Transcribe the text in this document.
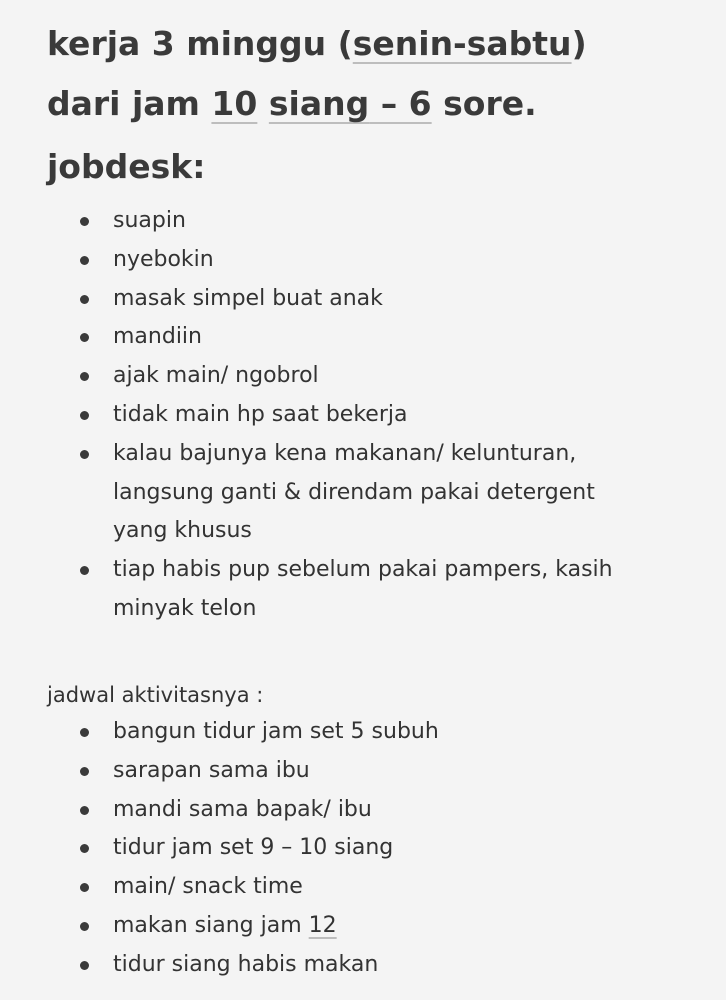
kerja 3 minggu (senin-sabtu)
dari jam 10 siang – 6 sore.
jobdesk:
suapin
nyebokin
masak simpel buat anak
mandiin
ajak main/ ngobrol
tidak main hp saat bekerja
kalau bajunya kena makanan/ kelunturan,
langsung ganti & direndam pakai detergent
yang khusus
tiap habis pup sebelum pakai pampers, kasih
minyak telon
jadwal aktivitasnya :
bangun tidur jam set 5 subuh
sarapan sama ibu
mandi sama bapak/ ibu
tidur jam set 9 – 10 siang
main/ snack time
makan siang jam 12
tidur siang habis makan
